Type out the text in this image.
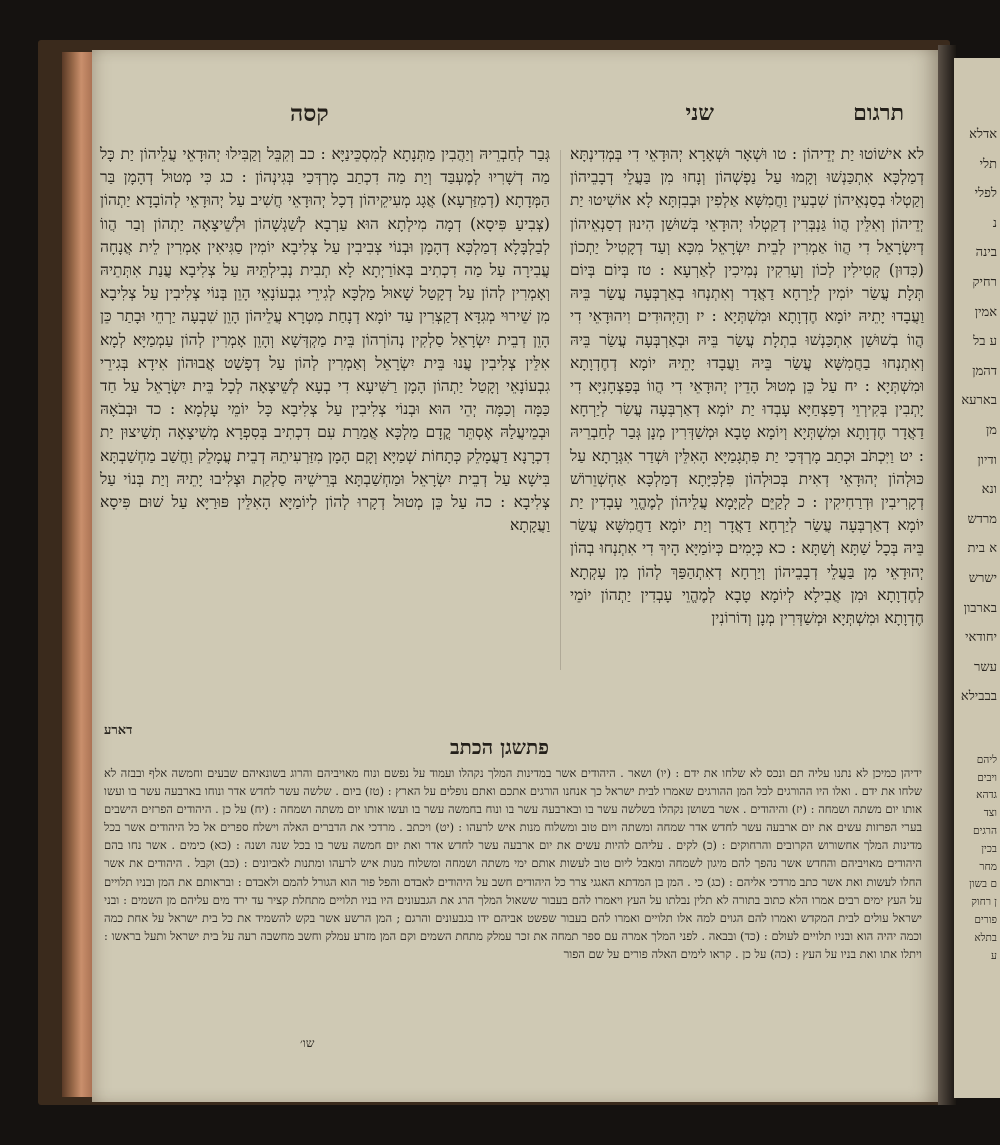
תרגום
שני
קסה

לא אישׁוֹטוּ יַת יְדֵיהוֹן : טו וּשְׁאָר וּשְׁאָרָא יְהוּדָאֵי דִי בְּמְדִינְתָּא דְמַלְכָּא אִתְכַּנְשׁוּ וְקָמוּ עַל נַפְשְׁהוֹן וְנָחוּ מִן בַּעֲלֵי דְבָבֵיהוֹן וְקַטְלוּ בְסַנְאֵיהוֹן שִׁבְעִין וַחֲמִשָּׁא אַלְפִין וּבְבִזְתָּא לָא אוֹשִׁיטוּ יַת יְדֵיהוֹן וְאִלֵּין הֲווֹ גַּנְבְּרִין דְקַטְלוּ יְהוּדָאֵי בְּשׁוּשַׁן הִינוּן דְסַנְאֵיהוֹן דְיִשְׂרָאֵל דִי הֲווֹ אַמְרִין לְבֵית יִשְׂרָאֵל מִכָּא וְעַד דְקָטִיל יַתְכוֹן (כִּדוּן) קְטִילִין לְכוֹן וְעָרִקִין נְמִיכִין לְאַרְעָא : טז בְּיוֹם בְּיוֹם תְּלָת עֲשַׂר יוֹמִין לְיַרְחָא דַאֲדָר וְאִתְנְחוּ בְאַרְבְּעָה עֲשַׂר בֵּיהּ וַעֲבָדוּ יָתֵיהּ יוֹמָא חֶדְוָתָא וּמִשְׁתְּיָא : יז וְהַיְּהוּדִים וִיהוּדָאֵי דִי הֲווֹ בְשׁוּשַׁן אִתְכַּנְשׁוּ בִתְלָת עֲשַׂר בֵּיהּ וּבְאַרְבְּעָה עֲשַׂר בֵּיהּ וְאִתְנְחוּ בַחֲמִשָּׁא עֲשַׂר בֵּיהּ וַעֲבָדוּ יָתֵיהּ יוֹמָא דְחֶדְוָתָא וּמִשְׁתְּיָא : יח עַל כֵּן מְטוּל הָדֵין יְהוּדָאֵי דִי הֲווֹ בְּפַצְחָנִיָּא דִי יָתְבִין בְּקִירְוֵי דְפַצְחַיָּא עָבְדוּ יַת יוֹמָא דְאַרְבְּעָה עֲשַׂר לְיַרְחָא דַאֲדָר חֶדְוָתָא וּמִשְׁתְּיָא וְיוֹמָא טָבָא וּמְשַׁדְּרִין מְנָן גְּבַר לְחַבְרֵיהּ : יט וַיִּכְתֹּב וּכְתַב מָרְדְּכַי יַת פִּתְגָמַיָּא הָאִלֵּין וּשְׁדַר אִגְּרָתָא עַל כּוּלְהוֹן יְהוּדָאֵי דְאִית בְּכוּלְהוֹן פִּלְכִּיָּתָא דְמַלְכָּא אַחְשְׁוֵרוֹשׁ דְקָרִיבִין וּדְרַחִיקִין : כ לְקַיֵּם לְקַיָּמָא עֲלֵיהוֹן לְמֶהֱוֵי עָבְדִין יַת יוֹמָא דְאַרְבְּעָה עֲשַׂר לְיַרְחָא דַאֲדָר וְיַת יוֹמָא דַחֲמִשָּׁא עֲשַׂר בֵּיהּ בְּכָל שַׁתָּא וְשַׁתָּא : כא כְּיָמִים כְּיוֹמַיָּא הָיךְ דִי אִתְנְחוּ בְהוֹן יְהוּדָאֵי מִן בַּעֲלֵי דְבָבֵיהוֹן וְיַרְחָא דְאִתְהַפַּךְ לְהוֹן מִן עָקְתָא לְחֶדְוָתָא וּמִן אֲבִילָא לְיוֹמָא טָבָא לְמֶהֱוֵי עָבְדִין יַתְהוֹן יוֹמֵי חֶדְוָתָא וּמִשְׁתְּיָא וּמְשַׁדְּרִין מְנָן וְדוֹרוֹנִין

גְּבַר לְחַבְרֵיהּ וְיַהֲבִין מַתְּנָתָא לְמִסְכֵּינַיָּא : כב וְקִבֵּל וְקַבִּילוּ יְהוּדָאֵי עֲלֵיהוֹן יַת כָּל מַה דְשָׁרִיוּ לְמֶעְבַּד וְיַת מַה דִכְתַב מָרְדְּכַי בְּגִינְהוֹן : כג כִּי מְטוּל דְהָמָן בַּר הַמְּדָתָא (דְמִזַּרְעָא) אֲגָג מְעִיקֵיהוֹן דְכָל יְהוּדָאֵי חֲשִׁיב עַל יְהוּדָאֵי לְהוֹבָדָא יַתְהוֹן (צְבִיעַ פִּיסָא) דְמָה מִילְתָא הוּא עַרְבָא לְשַׁגְשָׁהוֹן וּלְשֵׁיצָאָה יַתְהוֹן וְבַר הֲווֹ לְבַלְבָּלָא דְמַלְכָּא דְהָמָן וּבְנוֹי צְבִיבִין עַל צְלִיבָא יוֹמִין סַגִּיאִין אָמְרִין לֵית אֲנָחָה עֲבִירָה עַל מַה דִכְתִיב בְּאוֹרַיְתָא לָא תְבִית נְבִילְתֵּיהּ עַל צְלִיבָא עֲנַת אִתְּתֵיהּ וְאָמְרִין לְהוֹן עַל דְקָטַל שָׁאוּל מַלְכָּא לְגִירֵי גִבְעוֹנָאֵי הָוֵן בְּנוֹי צְלִיבִין עַל צְלִיבָא מִן שֵׁירוּי מְגִדָּא דְקַצְרִין עַד יוֹמָא דְנָחַת מִטְרָא עֲלֵיהוֹן הָוֵן שִׁבְעָה יַרְחֵי וּבָתַר כֵּן הָוֵן דְבֵית יִשְׂרָאֵל סַלְקִין נְהוֹרְהוֹן בֵּית מַקְדְּשָׁא וְהָוֵן אָמְרִין לְהוֹן עַמְמַיָּא לְמָא אִלֵּין צְלִיבִין עֲנוּ בֵּית יִשְׂרָאֵל וְאַמְרִין לְהוֹן עַל דְפָשַׁט אֲבוּהוֹן אִידָא בְּגִירֵי גִבְעוֹנָאֵי וְקָטַל יַתְהוֹן הָמָן רַשִּׁיעָא דִי בְעָא לְשֵׁיצָאָה לְכָל בֵּית יִשְׂרָאֵל עַל חַד כַּמָּה וְכַמָּה יְהֵי הוּא וּבְנוֹי צְלִיבִין עַל צְלִיבָא כָּל יוֹמֵי עָלְמָא : כד וּבְבֹאָהּ וּבְמֵיעֲלַהּ אֶסְתֵּר קֳדָם מַלְכָּא אֲמַרַת עִם דִכְתִיב בְּסִפְרָא מְשִׁיצָאָה תְשַׁיצוּן יַת דִכְרָנָא דַעֲמָלֵק כְּתָחוֹת שְׁמַיָּא וְקָם הָמָן מִזַּרְעִיתֵהּ דְבֵית עֲמָלֵק וַחֲשַׁב מַחְשַׁבְתָּא בִּישָׁא עַל דְבֵית יִשְׂרָאֵל וּמַחְשַׁבְתָּא בְּרֵישֵׁיהּ סַלְקַת וּצְלִיבוּ יָתֵיהּ וְיַת בְּנוֹי עַל צְלִיבָא : כה עַל כֵּן מְטוּל דְקָרוּ לְהוֹן לְיוֹמַיָּא הָאִלֵּין פּוּרַיָּא עַל שׁוּם פִּיסָא וַעֲקָתָא

דארע
פתשגן הכתב

ידיהן כמיכן לא נתנו עליה תם ונכס לא שלחו את ידם : (יו) ושאר . היהודים אשר במדינות המלך נקהלו ועמוד על נפשם ונוח מאויביהם והרוג בשונאיהם שבעים וחמשה אלף ובבזה לא שלחו את ידם . ואלו היו ההורגים לכל המן ההורגים שאמרו לבית ישראל כך אנחנו הורגים אתכם ואתם נופלים על הארץ : (טז) ביום . שלשה עשר לחדש אדר ונוחו בארבעה עשר בו ועשו אותו יום משתה ושמחה : (יז) והיהודים . אשר בשושן נקהלו בשלשה עשר בו ובארבעה עשר בו ונוח בחמשה עשר בו ועשו אותו יום משתה ושמחה : (יח) על כן . היהודים הפרזים הישבים בערי הפרזות עשים את יום ארבעה עשר לחדש אדר שמחה ומשתה ויום טוב ומשלוח מנות איש לרעהו : (יט) ויכתב . מרדכי את הדברים האלה וישלח ספרים אל כל היהודים אשר בכל מדינות המלך אחשורוש הקרובים והרחוקים : (כ) לקים . עליהם להיות עשים את יום ארבעה עשר לחדש אדר ואת יום חמשה עשר בו בכל שנה ושנה : (כא) כימים . אשר נחו בהם היהודים מאויביהם והחדש אשר נהפך להם מיגון לשמחה ומאבל ליום טוב לעשות אותם ימי משתה ושמחה ומשלוח מנות איש לרעהו ומתנות לאביונים : (כב) וקבל . היהודים את אשר החלו לעשות ואת אשר כתב מרדכי אליהם : (כג) כי . המן בן המדתא האגגי צרר כל היהודים חשב על היהודים לאבדם והפל פור הוא הגורל להמם ולאבדם : ובראותם את המן ובניו תלויים על העץ ימים רבים אמרו הלא כתוב בתורה לא תלין נבלתו על העץ ויאמרו להם בעבור ששאול המלך הרג את הגבעונים היו בניו תלויים מתחלת קציר עד ירד מים עליהם מן השמים : ובני ישראל עולים לבית המקדש ואמרו להם הגוים למה אלו תלויים ואמרו להם בעבור שפשט אביהם ידו בגבעונים והרגם ; המן הרשע אשר בקש להשמיד את כל בית ישראל על אחת כמה וכמה יהיה הוא ובניו תלויים לעולם : (כד) ובבאה . לפני המלך אמרה עם ספר תמחה את זכר עמלק מתחת השמים וקם המן מזרע עמלק וחשב מחשבה רעה על בית ישראל ותעל בראשו : ויתלו אתו ואת בניו על העץ : (כה) על כן . קראו לימים האלה פורים על שם הפור

שו׳
אדלא
תלי
לפלי
נ
בינה
רחיק
אמין
ע בל
דהמן
בארעא
מן
ודיון
ונא
מרדש
א בית
ישרש
בארבון
יחודאי
עשר
בבבילא
ליהם
ויבים
גדהא
וצד
הרגים
בכין
מחר
ם בשון
ן רחוק
פורים
בתלא
ע
